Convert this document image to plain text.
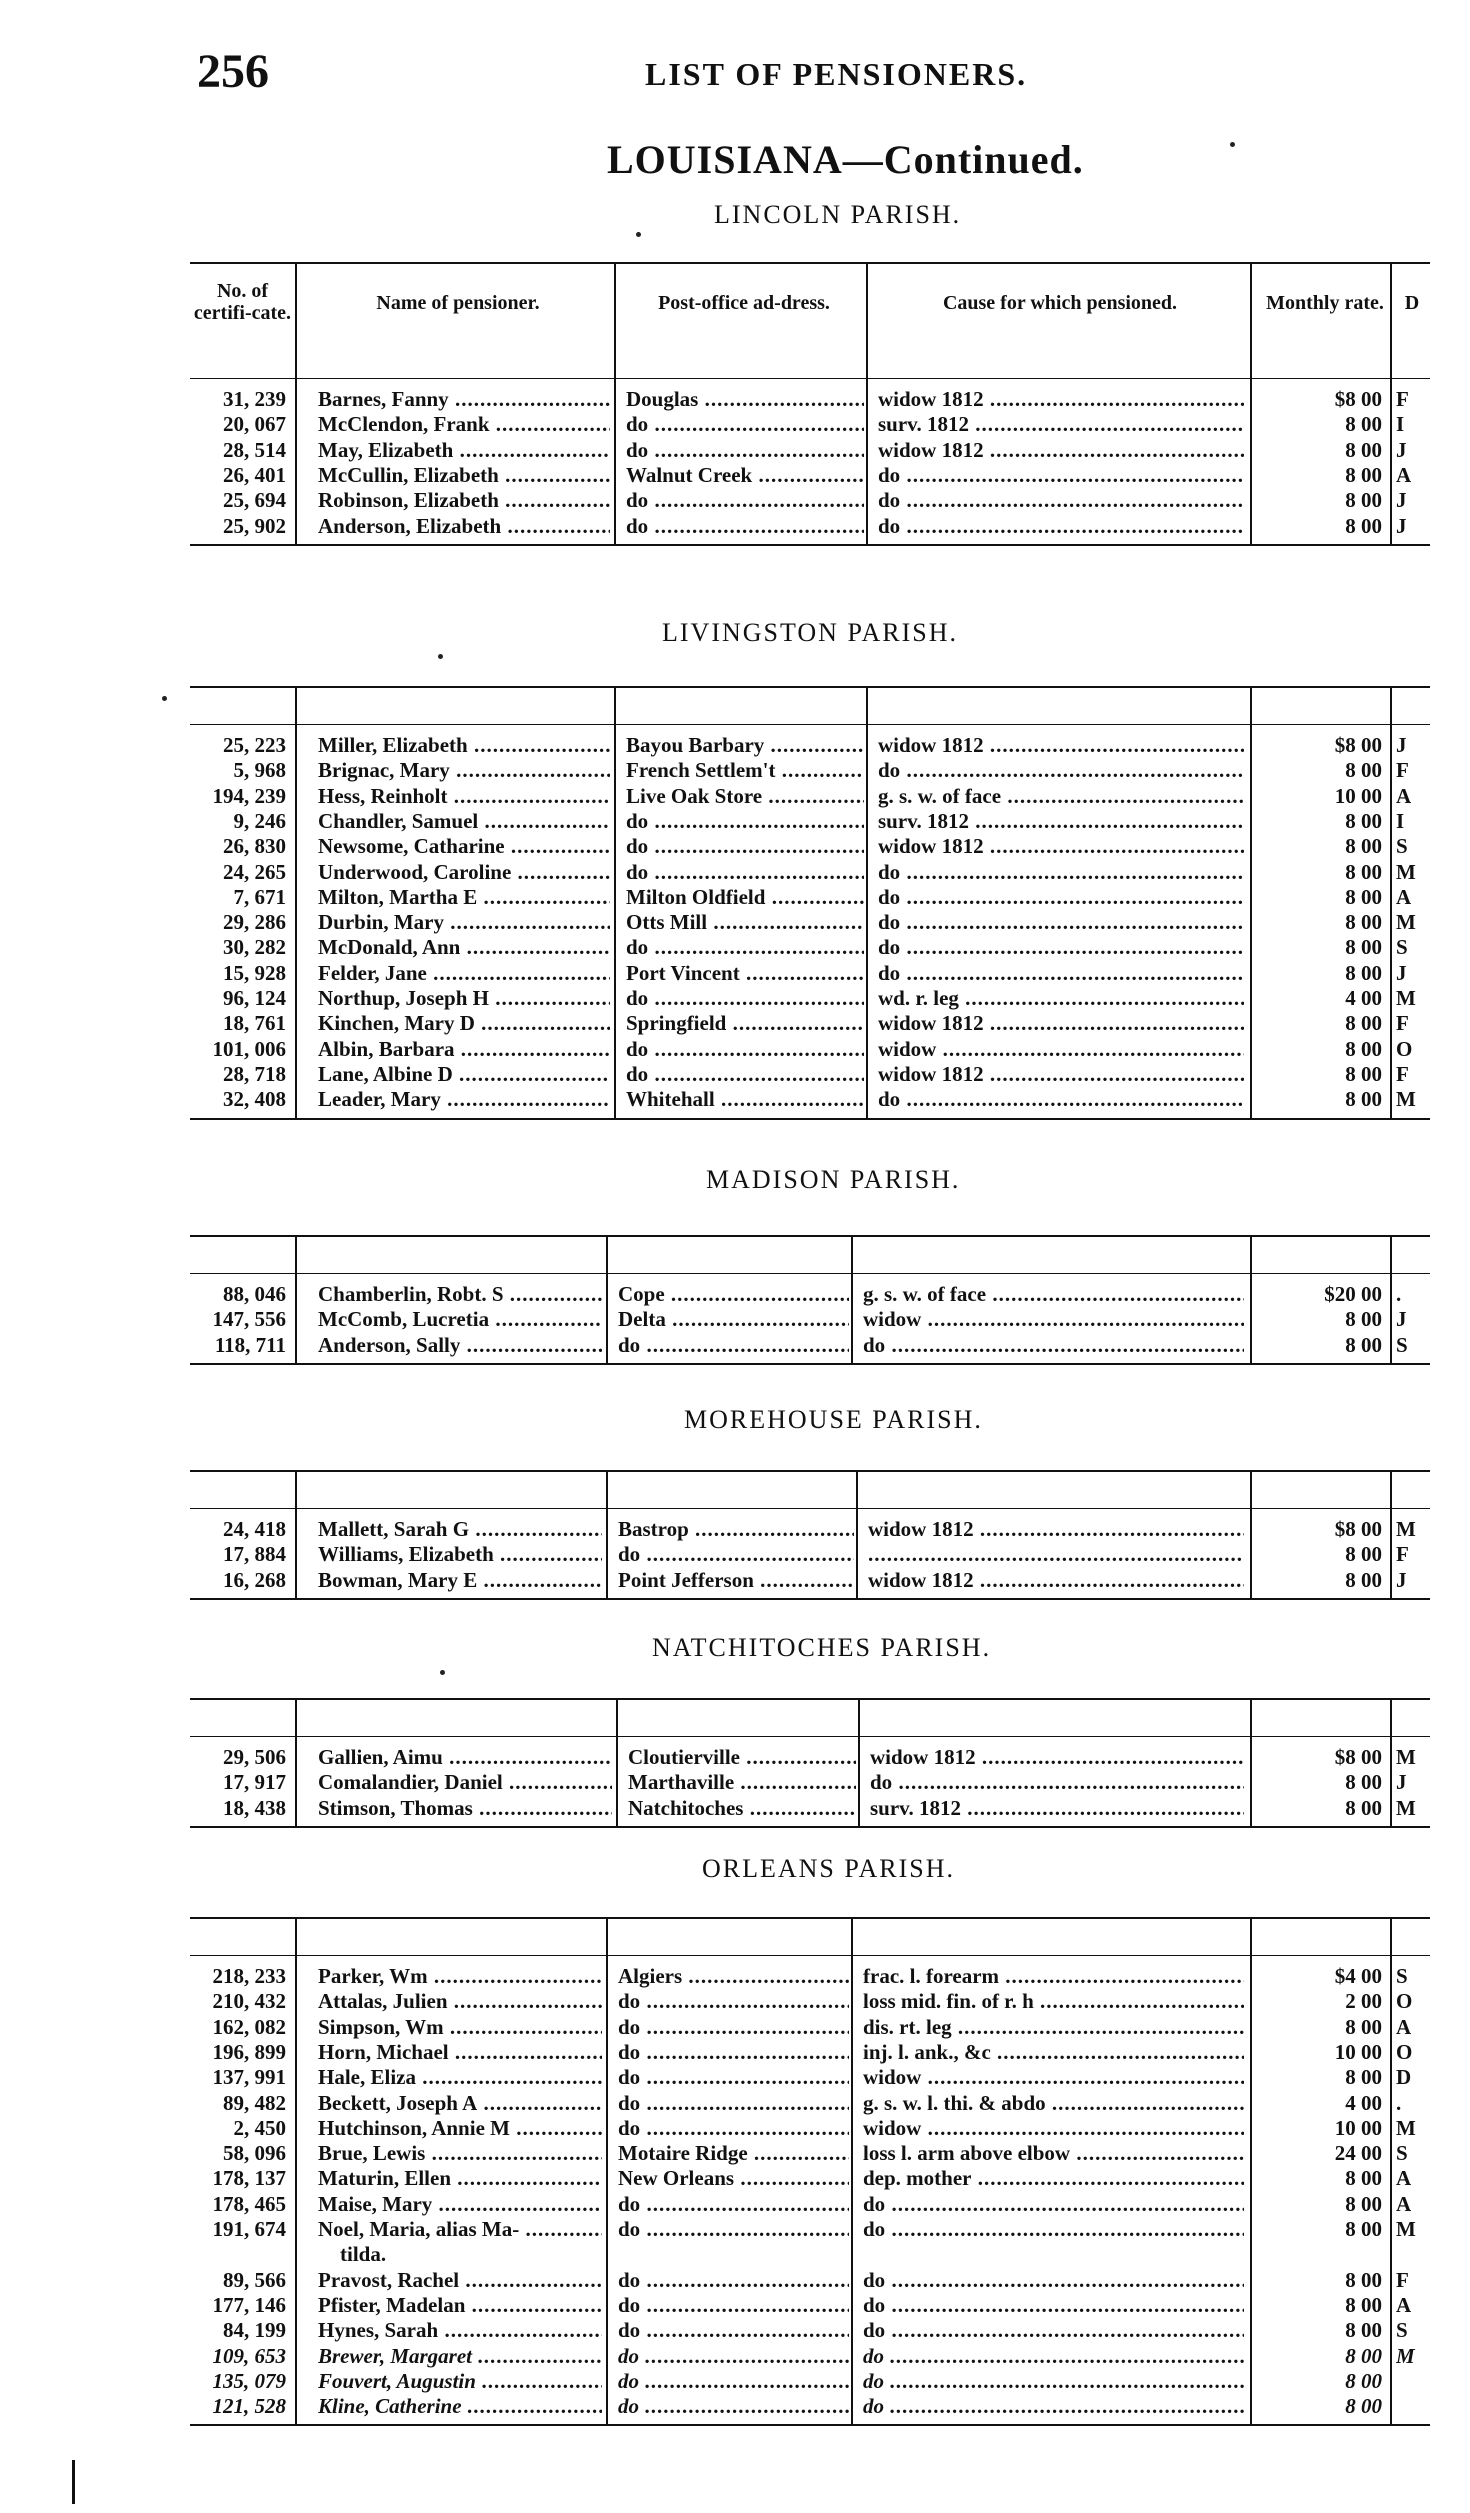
256	LIST OF PENSIONERS.
LOUISIANA—Continued.
LINCOLN PARISH.
No. of certifi-cate.	Name of pensioner.	Post-office ad-dress.	Cause for which pensioned.	Monthly rate.	D
31, 239 Barnes, Fanny .....	Douglas .....	widow 1812 .....	$8 00 F
20, 067 McClendon, Frank .....	do .....	surv. 1812 .....	8 00 I
28, 514 May, Elizabeth .....	do .....	widow 1812 .....	8 00 J
26, 401 McCullin, Elizabeth .....	Walnut Creek .....	do .....	8 00 A
25, 694 Robinson, Elizabeth .....	do .....	do .....	8 00 J
25, 902 Anderson, Elizabeth .....	do .....	do .....	8 00 J
LIVINGSTON PARISH.
25, 223 Miller, Elizabeth .....	Bayou Barbary .....	widow 1812 .....	$8 00 J
5, 968 Brignac, Mary .....	French Settlem't .....	do .....	8 00 F
194, 239 Hess, Reinholt .....	Live Oak Store .....	g. s. w. of face .....	10 00 A
9, 246 Chandler, Samuel .....	do .....	surv. 1812 .....	8 00 I
26, 830 Newsome, Catharine .....	do .....	widow 1812 .....	8 00 S
24, 265 Underwood, Caroline .....	do .....	do .....	8 00 M
7, 671 Milton, Martha E .....	Milton Oldfield .....	do .....	8 00 A
29, 286 Durbin, Mary .....	Otts Mill .....	do .....	8 00 M
30, 282 McDonald, Ann .....	do .....	do .....	8 00 S
15, 928 Felder, Jane .....	Port Vincent .....	do .....	8 00 J
96, 124 Northup, Joseph H .....	do .....	wd. r. leg .....	4 00 M
18, 761 Kinchen, Mary D .....	Springfield .....	widow 1812 .....	8 00 F
101, 006 Albin, Barbara .....	do .....	widow .....	8 00 O
28, 718 Lane, Albine D .....	do .....	widow 1812 .....	8 00 F
32, 408 Leader, Mary .....	Whitehall .....	do .....	8 00 M
MADISON PARISH.
88, 046 Chamberlin, Robt. S .....	Cope .....	g. s. w. of face .....	$20 00 .
147, 556 McComb, Lucretia .....	Delta .....	widow .....	8 00 J
118, 711 Anderson, Sally .....	do .....	do .....	8 00 S
MOREHOUSE PARISH.
24, 418 Mallett, Sarah G .....	Bastrop .....	widow 1812 .....	$8 00 M
17, 884 Williams, Elizabeth .....	do .....
.....	8 00 F
16, 268 Bowman, Mary E .....	Point Jefferson .....	widow 1812 .....	8 00 J
NATCHITOCHES PARISH.
29, 506 Gallien, Aimu .....	Cloutierville .....	widow 1812 .....	$8 00 M
17, 917 Comalandier, Daniel .....	Marthaville .....	do .....	8 00 J
18, 438 Stimson, Thomas .....	Natchitoches .....	surv. 1812 .....	8 00 M
ORLEANS PARISH.
218, 233 Parker, Wm .....	Algiers .....	frac. l. forearm .....	$4 00 S
210, 432 Attalas, Julien .....	do .....	loss mid. fin. of r. h .....	2 00 O
162, 082 Simpson, Wm .....	do .....	dis. rt. leg .....	8 00 A
196, 899 Horn, Michael .....	do .....	inj. l. ank., &c .....	10 00 O
137, 991 Hale, Eliza .....	do .....	widow .....	8 00 D
89, 482 Beckett, Joseph A .....	do .....	g. s. w. l. thi. & abdo .....	4 00 .
2, 450 Hutchinson, Annie M .....	do .....	widow .....	10 00 M
58, 096 Brue, Lewis .....	Motaire Ridge .....	loss l. arm above elbow .....	24 00 S
178, 137 Maturin, Ellen .....	New Orleans .....	dep. mother .....	8 00 A
178, 465 Maise, Mary .....	do .....	do .....	8 00 A
191, 674 Noel, Maria, alias Ma- .....	do .....	do .....	8 00 M
tilda.
89, 566 Pravost, Rachel .....	do .....	do .....	8 00 F
177, 146 Pfister, Madelan .....	do .....	do .....	8 00 A
84, 199 Hynes, Sarah .....	do .....	do .....	8 00 S
109, 653 Brewer, Margaret .....	do .....	do .....	8 00 M
135, 079 Fouvert, Augustin .....	do .....	do .....	8 00
121, 528 Kline, Catherine .....	do .....	do .....	8 00
